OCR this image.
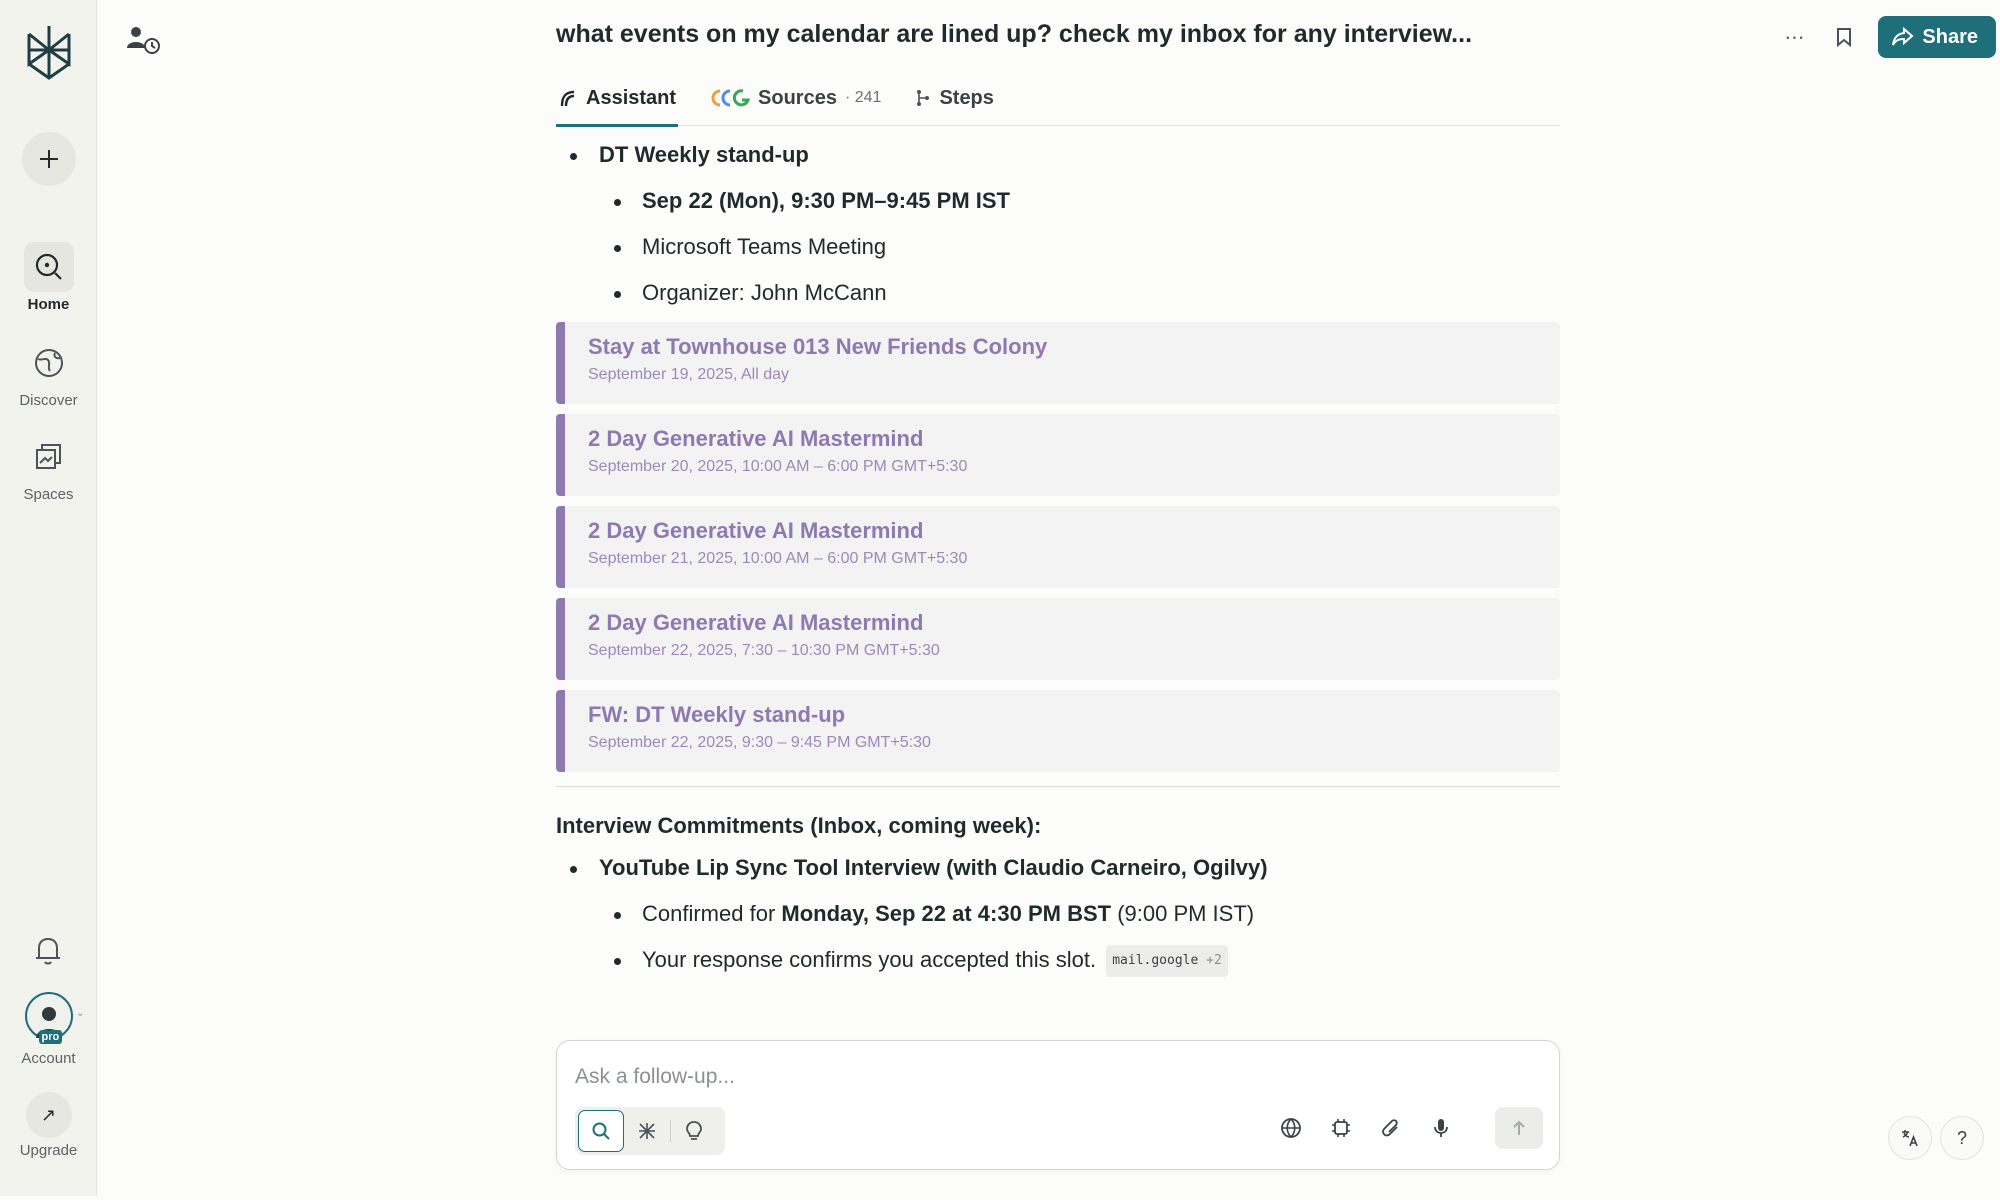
Home
Discover
Spaces
pro
⌄
Account
↗
Upgrade
what events on my calendar are lined up? check my inbox for any interview...	⋯	Share
Assistant	Sources · 241	Steps
DT Weekly stand-up
Sep 22 (Mon), 9:30 PM–9:45 PM IST
Microsoft Teams Meeting
Organizer: John McCann
Stay at Townhouse 013 New Friends Colony
September 19, 2025, All day
2 Day Generative AI Mastermind
September 20, 2025, 10:00 AM – 6:00 PM GMT+5:30
2 Day Generative AI Mastermind
September 21, 2025, 10:00 AM – 6:00 PM GMT+5:30
2 Day Generative AI Mastermind
September 22, 2025, 7:30 – 10:30 PM GMT+5:30
FW: DT Weekly stand-up
September 22, 2025, 9:30 – 9:45 PM GMT+5:30
Interview Commitments (Inbox, coming week):
YouTube Lip Sync Tool Interview (with Claudio Carneiro, Ogilvy)
Confirmed for Monday, Sep 22 at 4:30 PM BST (9:00 PM IST)
Your response confirms you accepted this slot. mail.google +2
Ask a follow-up...
?
